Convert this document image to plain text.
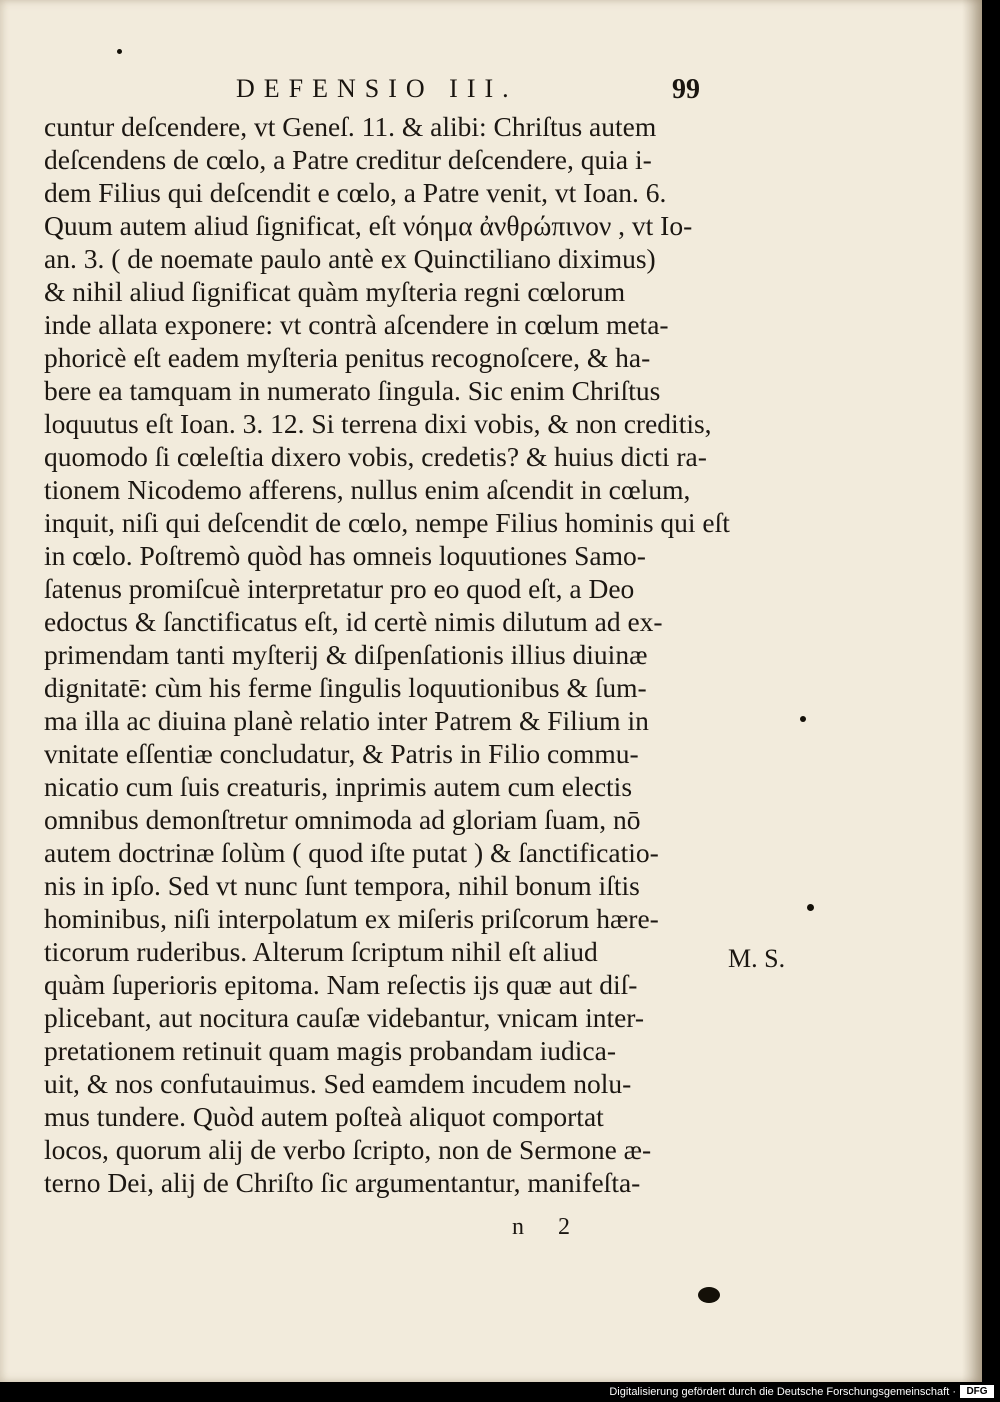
DEFENSIO III.	99
cuntur deſcendere, vt Geneſ. 11. & alibi: Chriſtus autem
deſcendens de cœlo, a Patre creditur deſcendere, quia i-
dem Filius qui deſcendit e cœlo, a Patre venit, vt Ioan. 6.
Quum autem aliud ſignificat, eſt νόημα ἀνθρώπινον , vt Io-
an. 3. ( de noemate paulo antè ex Quinctiliano diximus)
& nihil aliud ſignificat quàm myſteria regni cœlorum
inde allata exponere: vt contrà aſcendere in cœlum meta-
phoricè eſt eadem myſteria penitus recognoſcere, & ha-
bere ea tamquam in numerato ſingula. Sic enim Chriſtus
loquutus eſt Ioan. 3. 12. Si terrena dixi vobis, & non creditis,
quomodo ſi cœleſtia dixero vobis, credetis? & huius dicti ra-
tionem Nicodemo afferens, nullus enim aſcendit in cœlum,
inquit, niſi qui deſcendit de cœlo, nempe Filius hominis qui eſt
in cœlo. Poſtremò quòd has omneis loquutiones Samo-
ſatenus promiſcuè interpretatur pro eo quod eſt, a Deo
edoctus & ſanctificatus eſt, id certè nimis dilutum ad ex-
primendam tanti myſterij & diſpenſationis illius diuinæ
dignitatē: cùm his ferme ſingulis loquutionibus & ſum-
ma illa ac diuina planè relatio inter Patrem & Filium in
vnitate eſſentiæ concludatur, & Patris in Filio commu-
nicatio cum ſuis creaturis, inprimis autem cum electis
omnibus demonſtretur omnimoda ad gloriam ſuam, nō
autem doctrinæ ſolùm ( quod iſte putat ) & ſanctificatio-
nis in ipſo. Sed vt nunc ſunt tempora, nihil bonum iſtis
hominibus, niſi interpolatum ex miſeris priſcorum hære-
ticorum ruderibus. Alterum ſcriptum nihil eſt aliud
quàm ſuperioris epitoma. Nam reſectis ijs quæ aut diſ-
plicebant, aut nocitura cauſæ videbantur, vnicam inter-
pretationem retinuit quam magis probandam iudica-
uit, & nos confutauimus. Sed eamdem incudem nolu-
mus tundere. Quòd autem poſteà aliquot comportat
locos, quorum alij de verbo ſcripto, non de Sermone æ-
terno Dei, alij de Chriſto ſic argumentantur, manifeſta-
M. S.
n 2
Digitalisierung gefördert durch die Deutsche Forschungsgemeinschaft ·	DFG
